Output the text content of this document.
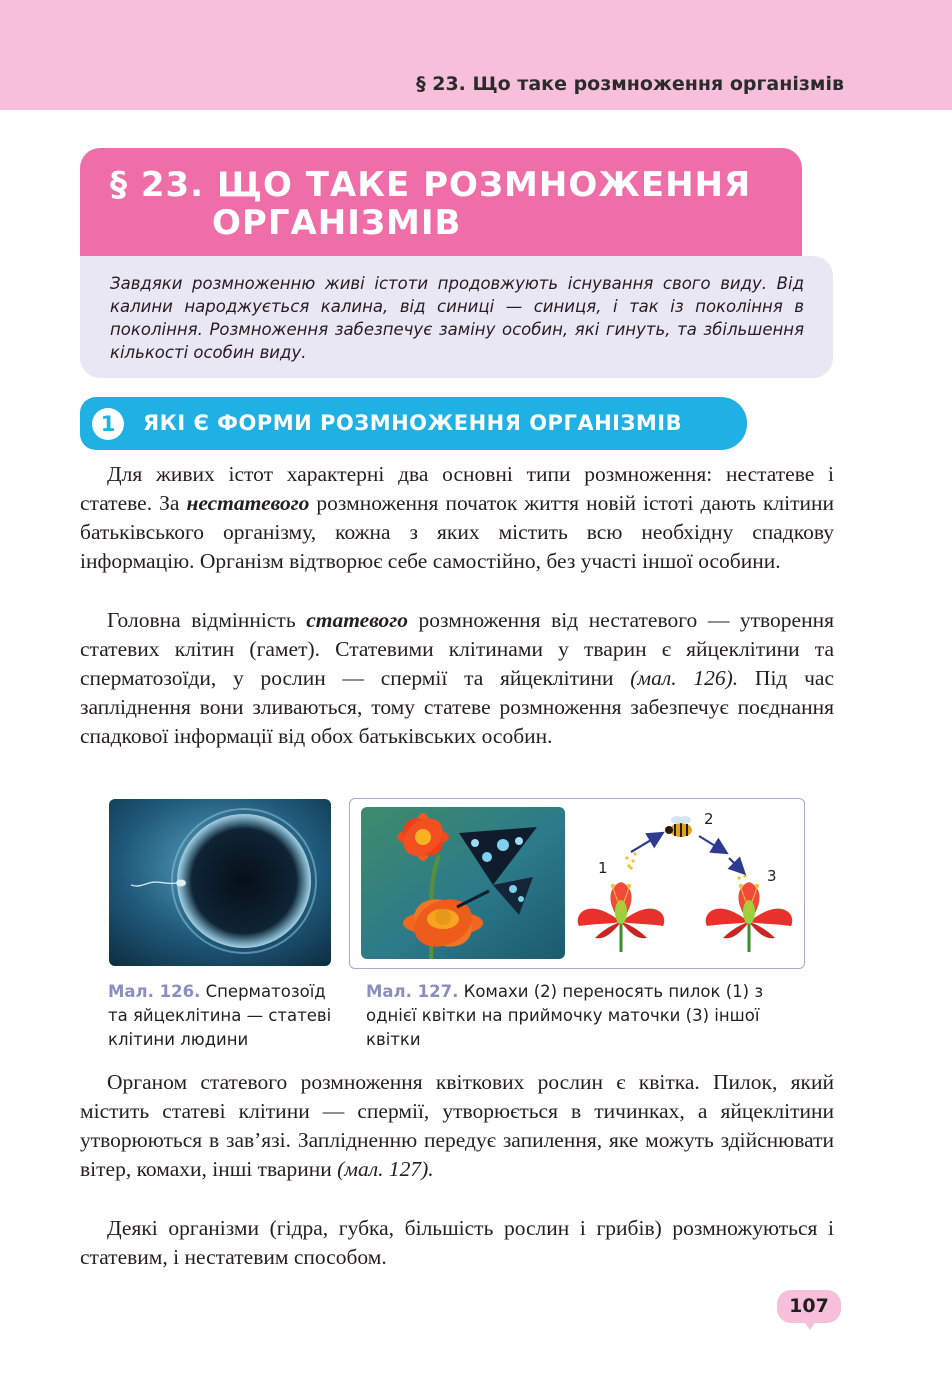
§ 23. Що таке розмноження організмів
§ 23. ЩО ТАКЕ РОЗМНОЖЕННЯ
ОРГАНІЗМІВ
Завдяки розмноженню живі істоти продовжують існування свого виду. Від калини народжується калина, від синиці — синиця, і так із покоління в покоління. Розмноження забезпечує заміну особин, які гинуть, та збільшення кількості особин виду.
1	ЯКІ Є ФОРМИ РОЗМНОЖЕННЯ ОРГАНІЗМІВ
Для живих істот характерні два основні типи розмноження: нестатеве і статеве. За нестатевого розмноження початок життя новій істоті дають клітини батьківського організму, кожна з яких містить всю необхідну спадкову інформацію. Організм відтворює себе самостійно, без участі іншої особини.
Головна відмінність статевого розмноження від нестатевого — утворення статевих клітин (гамет). Статевими клітинами у тварин є яйцеклітини та сперматозоїди, у рослин — спермії та яйцеклітини (мал. 126). Під час запліднення вони зливаються, тому статеве розмноження забезпечує поєднання спадкової інформації від обох батьківських особин.
1
2
3
Мал. 126. Сперматозоїд та яйцеклітина — статеві клітини людини
Мал. 127. Комахи (2) переносять пилок (1) з однієї квітки на приймочку маточки (3) іншої квітки
Органом статевого розмноження квіткових рослин є квітка. Пилок, який містить статеві клітини — спермії, утворюється в тичинках, а яйцеклітини утворюються в зав’язі. Заплідненню передує запилення, яке можуть здійснювати вітер, комахи, інші тварини (мал. 127).
Деякі організми (гідра, губка, більшість рослин і грибів) розмножуються і статевим, і нестатевим способом.
107
